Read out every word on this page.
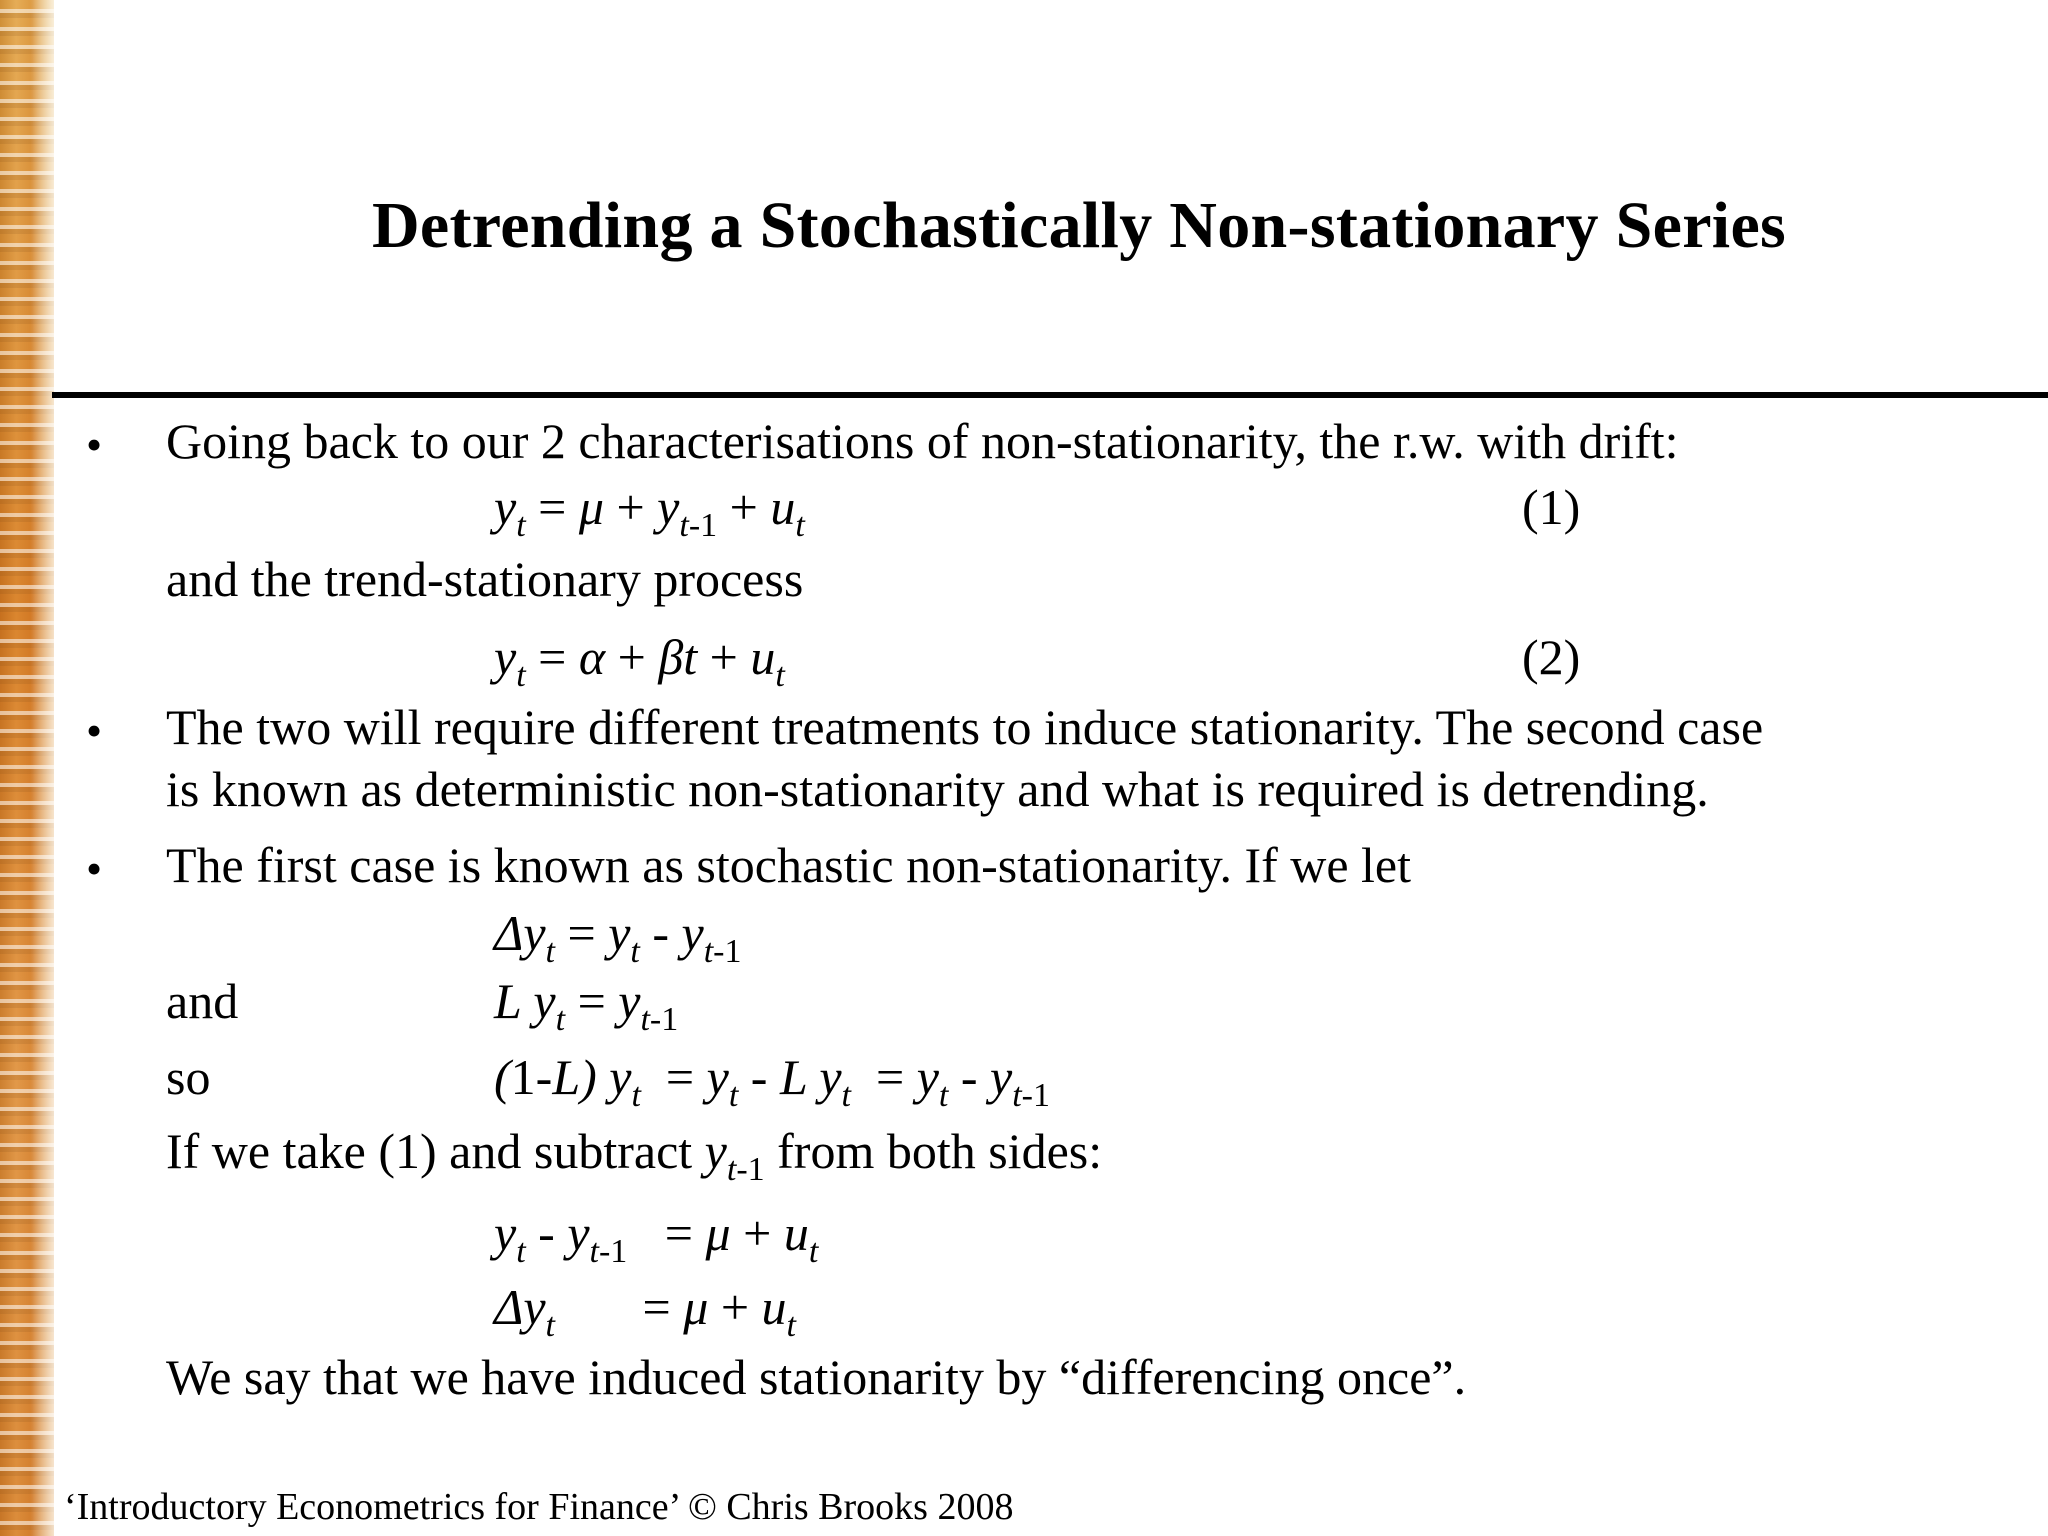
Detrending a Stochastically Non-stationary Series
• Going back to our 2 characterisations of non-stationarity, the r.w. with drift:
$y_t = \mu + y_{t-1} + u_t$	(1)
and the trend-stationary process
$y_t = \alpha + \beta t + u_t$	(2)
• The two will require different treatments to induce stationarity. The second case
is known as deterministic non-stationarity and what is required is detrending.
• The first case is known as stochastic non-stationarity. If we let
$\Delta y_t = y_t - y_{t-1}$
and	L $y_t = y_{t-1}$
so	(1-L) $y_t = y_t - L$ $y_t = y_t - y_{t-1}$
If we take (1) and subtract $y_{t-1}$ from both sides:
$y_t - y_{t-1} = \mu + u_t$
$\Delta y_t$       = $\mu + u_t$
We say that we have induced stationarity by “differencing once”.
‘Introductory Econometrics for Finance’ © Chris Brooks 2008
